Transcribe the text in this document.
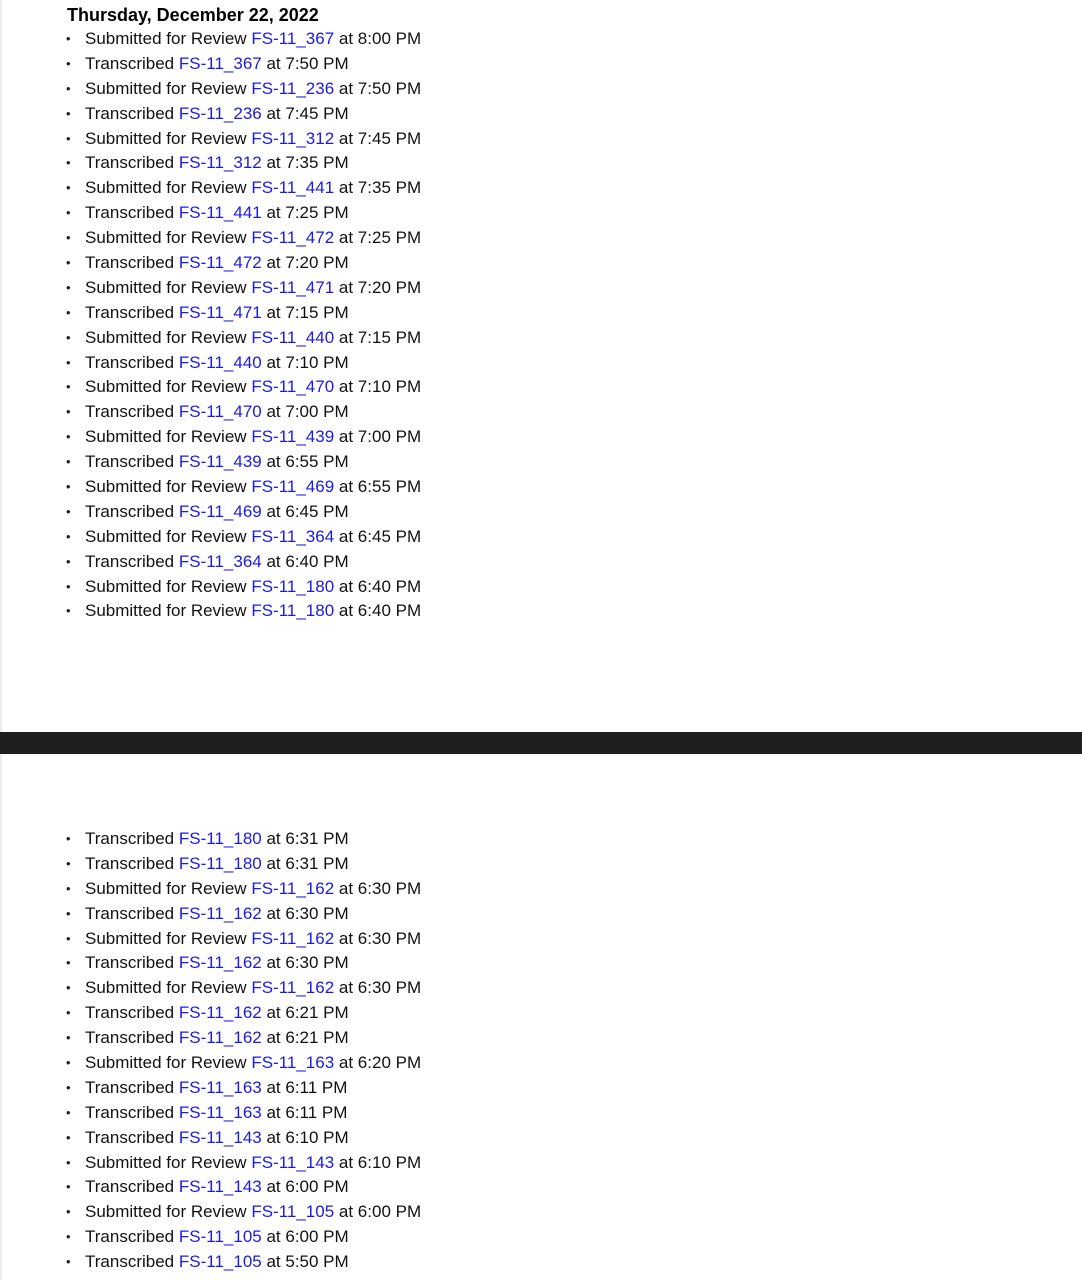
Thursday, December 22, 2022
• Submitted for Review FS-11_367 at 8:00 PM
• Transcribed FS-11_367 at 7:50 PM
• Submitted for Review FS-11_236 at 7:50 PM
• Transcribed FS-11_236 at 7:45 PM
• Submitted for Review FS-11_312 at 7:45 PM
• Transcribed FS-11_312 at 7:35 PM
• Submitted for Review FS-11_441 at 7:35 PM
• Transcribed FS-11_441 at 7:25 PM
• Submitted for Review FS-11_472 at 7:25 PM
• Transcribed FS-11_472 at 7:20 PM
• Submitted for Review FS-11_471 at 7:20 PM
• Transcribed FS-11_471 at 7:15 PM
• Submitted for Review FS-11_440 at 7:15 PM
• Transcribed FS-11_440 at 7:10 PM
• Submitted for Review FS-11_470 at 7:10 PM
• Transcribed FS-11_470 at 7:00 PM
• Submitted for Review FS-11_439 at 7:00 PM
• Transcribed FS-11_439 at 6:55 PM
• Submitted for Review FS-11_469 at 6:55 PM
• Transcribed FS-11_469 at 6:45 PM
• Submitted for Review FS-11_364 at 6:45 PM
• Transcribed FS-11_364 at 6:40 PM
• Submitted for Review FS-11_180 at 6:40 PM
• Submitted for Review FS-11_180 at 6:40 PM
• Transcribed FS-11_180 at 6:31 PM
• Transcribed FS-11_180 at 6:31 PM
• Submitted for Review FS-11_162 at 6:30 PM
• Transcribed FS-11_162 at 6:30 PM
• Submitted for Review FS-11_162 at 6:30 PM
• Transcribed FS-11_162 at 6:30 PM
• Submitted for Review FS-11_162 at 6:30 PM
• Transcribed FS-11_162 at 6:21 PM
• Transcribed FS-11_162 at 6:21 PM
• Submitted for Review FS-11_163 at 6:20 PM
• Transcribed FS-11_163 at 6:11 PM
• Transcribed FS-11_163 at 6:11 PM
• Transcribed FS-11_143 at 6:10 PM
• Submitted for Review FS-11_143 at 6:10 PM
• Transcribed FS-11_143 at 6:00 PM
• Submitted for Review FS-11_105 at 6:00 PM
• Transcribed FS-11_105 at 6:00 PM
• Transcribed FS-11_105 at 5:50 PM
